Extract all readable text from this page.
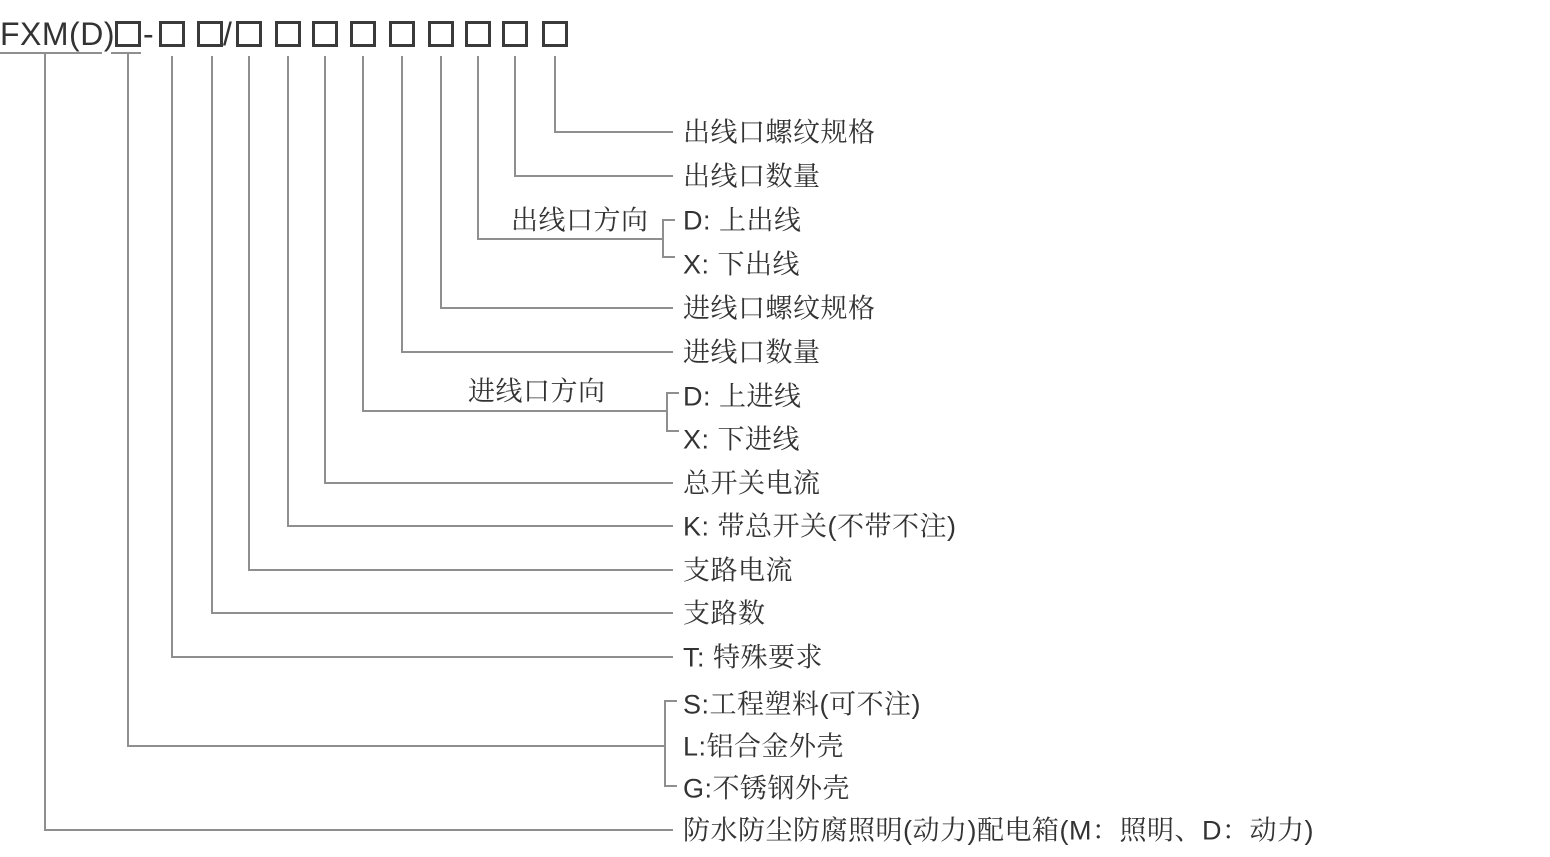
FXM(D) - /
出线口螺纹规格
出线口数量
出线口方向 D: 上出线
X: 下出线
进线口螺纹规格
进线口数量
进线口方向	D: 上进线
X: 下进线
总开关电流
K: 带总开关(不带不注)
支路电流
支路数
T: 特殊要求
S:工程塑料(可不注)
L:铝合金外壳
G:不锈钢外壳
防水防尘防腐照明(动力)配电箱(M：照明、D：动力)
